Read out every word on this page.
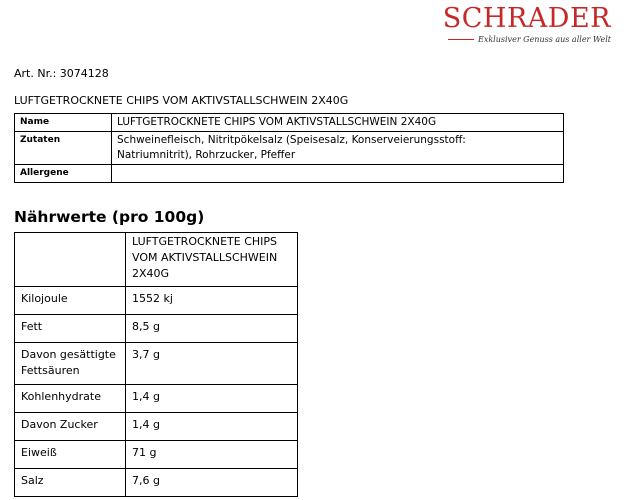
SCHRADER
Exklusiver Genuss aus aller Welt
Art. Nr.: 3074128
LUFTGETROCKNETE CHIPS VOM AKTIVSTALLSCHWEIN 2X40G
Name	LUFTGETROCKNETE CHIPS VOM AKTIVSTALLSCHWEIN 2X40G
Zutaten	Schweinefleisch, Nitritpökelsalz (Speisesalz, Konserveierungsstoff:
Natriumnitrit), Rohrzucker, Pfeffer

Allergene	
Nährwerte (pro 100g)

	LUFTGETROCKNETE CHIPS
VOM AKTIVSTALLSCHWEIN
2X40G

Kilojoule	1552 kj
Fett	8,5 g

Davon gesättigte
Fettsäuren	3,7 g
Kohlenhydrate	1,4 g
Davon Zucker	1,4 g
Eiweiß	71 g
Salz	7,6 g
